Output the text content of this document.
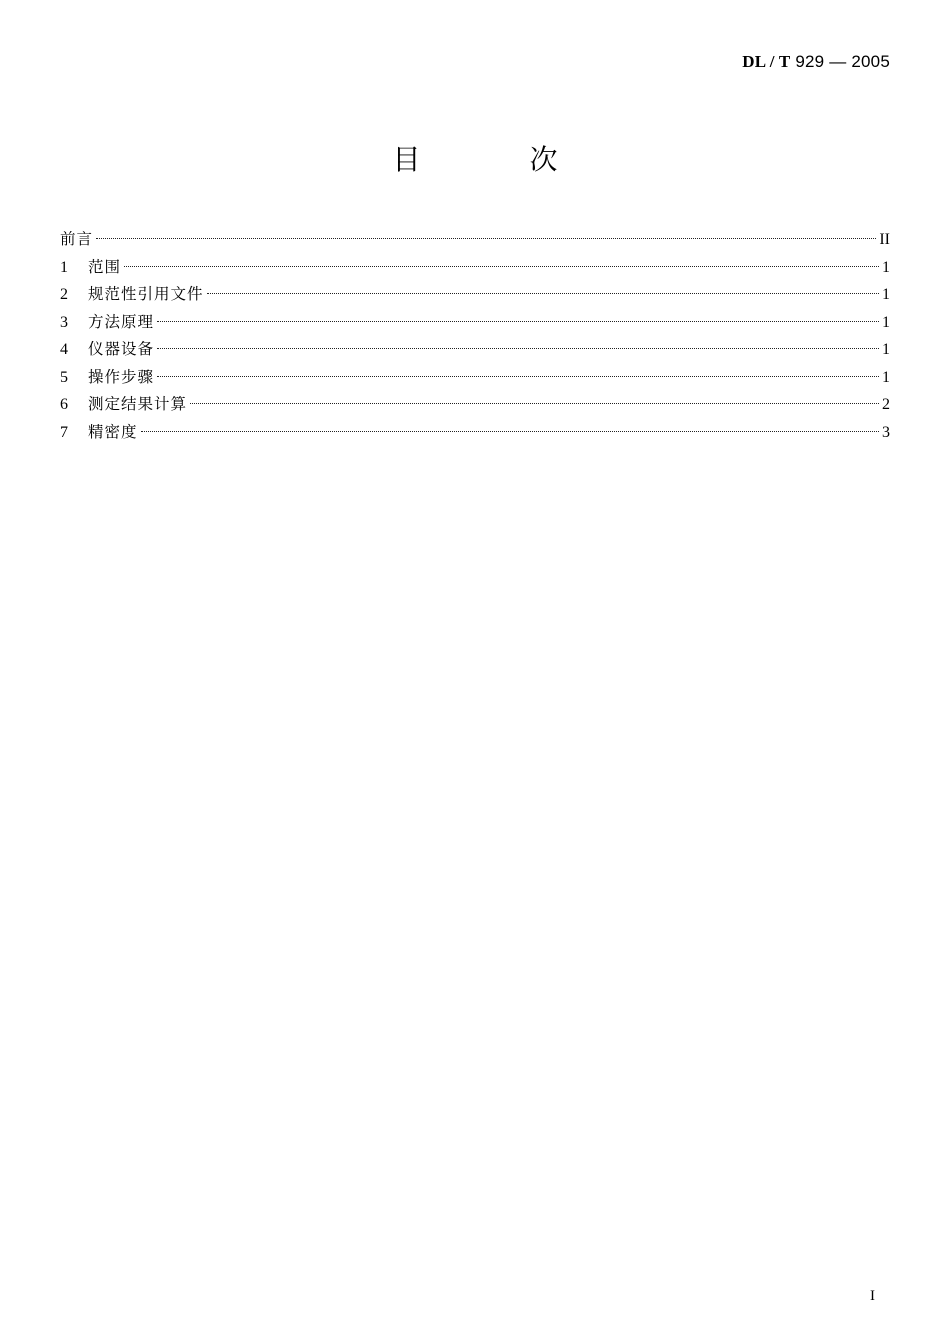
DL / T 929 — 2005
目 次
前言	II
1	范围	1
2	规范性引用文件	1
3	方法原理	1
4	仪器设备	1
5	操作步骤	1
6	测定结果计算	2
7	精密度	3
I
